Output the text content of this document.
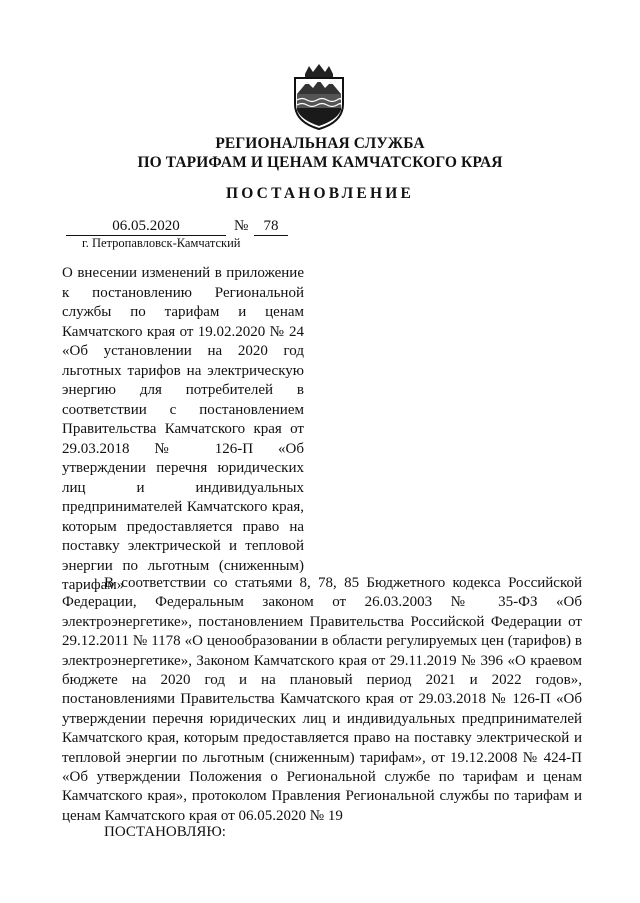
РЕГИОНАЛЬНАЯ СЛУЖБА
ПО ТАРИФАМ И ЦЕНАМ КАМЧАТСКОГО КРАЯ
ПОСТАНОВЛЕНИЕ
06.05.2020	№	78
г. Петропавловск-Камчатский
О внесении изменений в приложение к постановлению Региональной службы по тарифам и ценам Камчатского края от 19.02.2020 № 24 «Об установлении на 2020 год льготных тарифов на электрическую энергию для потребителей в соответствии с постановлением Правительства Камчатского края от 29.03.2018 № 126-П «Об утверждении перечня юридических лиц и индивидуальных предпринимателей Камчатского края, которым предоставляется право на поставку электрической и тепловой энергии по льготным (сниженным) тарифам»

В соответствии со статьями 8, 78, 85 Бюджетного кодекса Российской Федерации, Федеральным законом от 26.03.2003 № 35-ФЗ «Об электроэнергетике», постановлением Правительства Российской Федерации от 29.12.2011 № 1178 «О ценообразовании в области регулируемых цен (тарифов) в электроэнергетике», Законом Камчатского края от 29.11.2019 № 396 «О краевом бюджете на 2020 год и на плановый период 2021 и 2022 годов», постановлениями Правительства Камчатского края от 29.03.2018 № 126-П «Об утверждении перечня юридических лиц и индивидуальных предпринимателей Камчатского края, которым предоставляется право на поставку электрической и тепловой энергии по льготным (сниженным) тарифам», от 19.12.2008 № 424-П «Об утверждении Положения о Региональной службе по тарифам и ценам Камчатского края», протоколом Правления Региональной службы по тарифам и ценам Камчатского края от 06.05.2020 № 19

ПОСТАНОВЛЯЮ:
